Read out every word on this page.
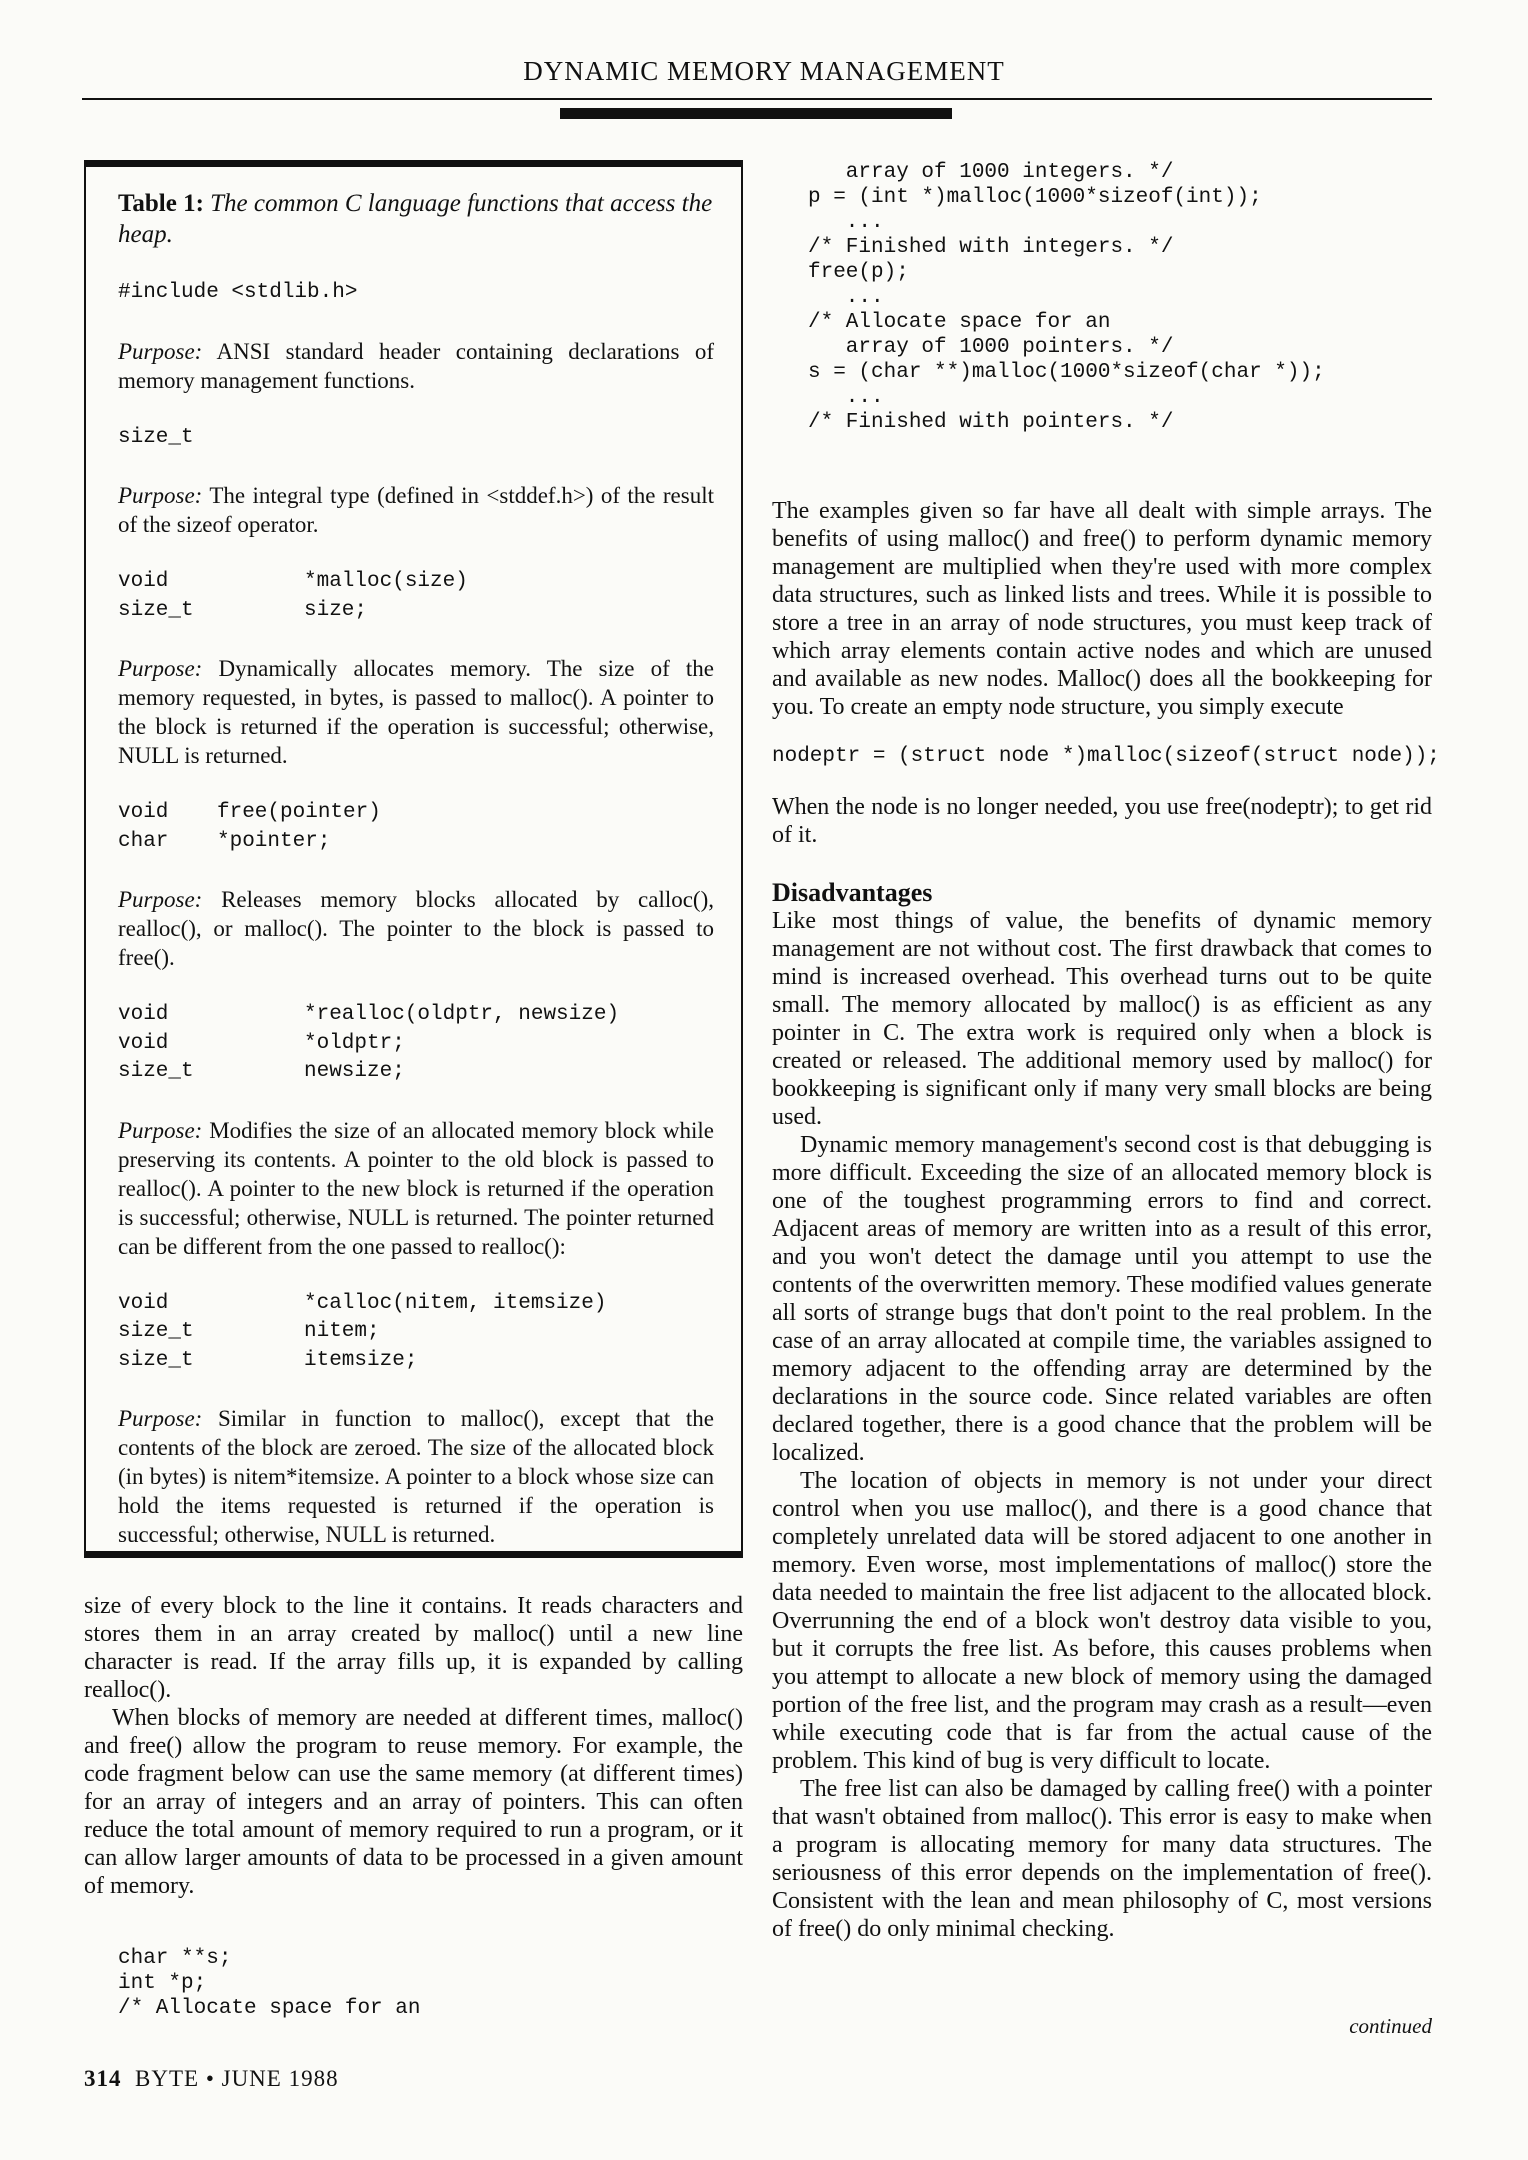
DYNAMIC MEMORY MANAGEMENT
Table 1: The common C language functions that access the heap.
#include <stdlib.h>
Purpose: ANSI standard header containing declarations of memory management functions.
size_t
Purpose: The integral type (defined in <stddef.h>) of the result of the sizeof operator.
void	*malloc(size)
size_t	size;
Purpose: Dynamically allocates memory. The size of the memory requested, in bytes, is passed to malloc(). A pointer to the block is returned if the operation is successful; otherwise, NULL is returned.
void	free(pointer)
char	*pointer;
Purpose: Releases memory blocks allocated by calloc(), realloc(), or malloc(). The pointer to the block is passed to free().
void	*realloc(oldptr, newsize)
void	*oldptr;
size_t	newsize;
Purpose: Modifies the size of an allocated memory block while preserving its contents. A pointer to the old block is passed to realloc(). A pointer to the new block is returned if the operation is successful; otherwise, NULL is returned. The pointer returned can be different from the one passed to realloc():
void	*calloc(nitem, itemsize)
size_t	nitem;
size_t	itemsize;
Purpose: Similar in function to malloc(), except that the contents of the block are zeroed. The size of the allocated block (in bytes) is nitem*itemsize. A pointer to a block whose size can hold the items requested is returned if the operation is successful; otherwise, NULL is returned.

size of every block to the line it contains. It reads characters and stores them in an array created by malloc() until a new line character is read. If the array fills up, it is expanded by calling realloc().

When blocks of memory are needed at different times, malloc() and free() allow the program to reuse memory. For example, the code fragment below can use the same memory (at different times) for an array of integers and an array of pointers. This can often reduce the total amount of memory required to run a program, or it can allow larger amounts of data to be processed in a given amount of memory.

char **s;
int *p;
/* Allocate space for an
array of 1000 integers. */
p = (int *)malloc(1000*sizeof(int));
...
/* Finished with integers. */
free(p);
...
/* Allocate space for an
array of 1000 pointers. */
s = (char **)malloc(1000*sizeof(char *));
...
/* Finished with pointers. */

The examples given so far have all dealt with simple arrays. The benefits of using malloc() and free() to perform dynamic memory management are multiplied when they're used with more complex data structures, such as linked lists and trees. While it is possible to store a tree in an array of node structures, you must keep track of which array elements contain active nodes and which are unused and available as new nodes. Malloc() does all the bookkeeping for you. To create an empty node structure, you simply execute

nodeptr = (struct node *)malloc(sizeof(struct node));

When the node is no longer needed, you use free(nodeptr); to get rid of it.

Disadvantages

Like most things of value, the benefits of dynamic memory management are not without cost. The first drawback that comes to mind is increased overhead. This overhead turns out to be quite small. The memory allocated by malloc() is as efficient as any pointer in C. The extra work is required only when a block is created or released. The additional memory used by malloc() for bookkeeping is significant only if many very small blocks are being used.

Dynamic memory management's second cost is that debugging is more difficult. Exceeding the size of an allocated memory block is one of the toughest programming errors to find and correct. Adjacent areas of memory are written into as a result of this error, and you won't detect the damage until you attempt to use the contents of the overwritten memory. These modified values generate all sorts of strange bugs that don't point to the real problem. In the case of an array allocated at compile time, the variables assigned to memory adjacent to the offending array are determined by the declarations in the source code. Since related variables are often declared together, there is a good chance that the problem will be localized.

The location of objects in memory is not under your direct control when you use malloc(), and there is a good chance that completely unrelated data will be stored adjacent to one another in memory. Even worse, most implementations of malloc() store the data needed to maintain the free list adjacent to the allocated block. Overrunning the end of a block won't destroy data visible to you, but it corrupts the free list. As before, this causes problems when you attempt to allocate a new block of memory using the damaged portion of the free list, and the program may crash as a result—even while executing code that is far from the actual cause of the problem. This kind of bug is very difficult to locate.

The free list can also be damaged by calling free() with a pointer that wasn't obtained from malloc(). This error is easy to make when a program is allocating memory for many data structures. The seriousness of this error depends on the implementation of free(). Consistent with the lean and mean philosophy of C, most versions of free() do only minimal checking.

continued
314 BYTE • JUNE 1988
